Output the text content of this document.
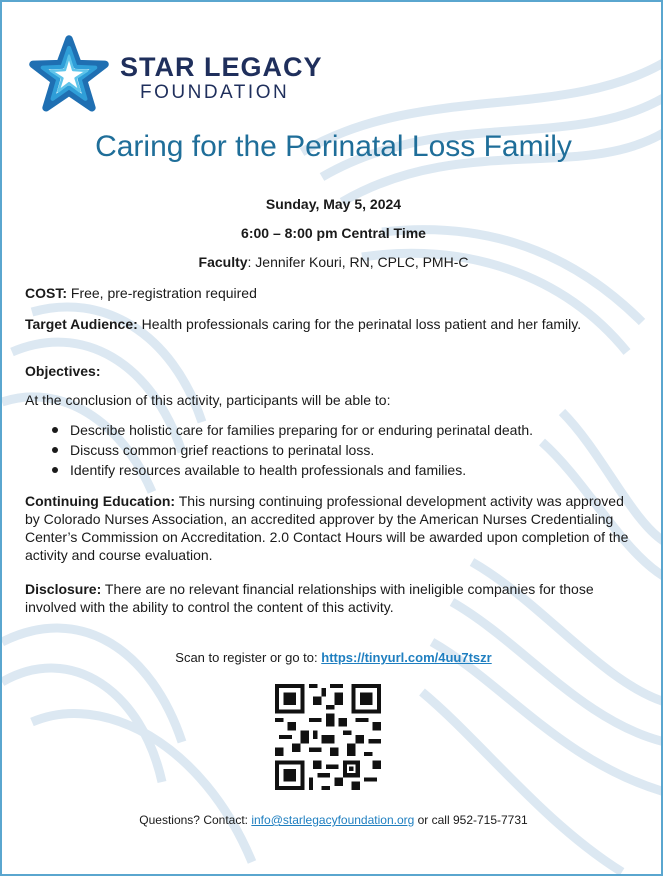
STAR LEGACY
FOUNDATION
Caring for the Perinatal Loss Family
Sunday, May 5, 2024
6:00 – 8:00 pm Central Time
Faculty: Jennifer Kouri, RN, CPLC, PMH-C
COST: Free, pre-registration required
Target Audience: Health professionals caring for the perinatal loss patient and her family.
Objectives:
At the conclusion of this activity, participants will be able to:
Describe holistic care for families preparing for or enduring perinatal death.
Discuss common grief reactions to perinatal loss.
Identify resources available to health professionals and families.
Continuing Education: This nursing continuing professional development activity was approved by Colorado Nurses Association, an accredited approver by the American Nurses Credentialing Center’s Commission on Accreditation. 2.0 Contact Hours will be awarded upon completion of the activity and course evaluation.
Disclosure: There are no relevant financial relationships with ineligible companies for those involved with the ability to control the content of this activity.
Scan to register or go to: https://tinyurl.com/4uu7tszr
Questions? Contact: info@starlegacyfoundation.org or call 952-715-7731
